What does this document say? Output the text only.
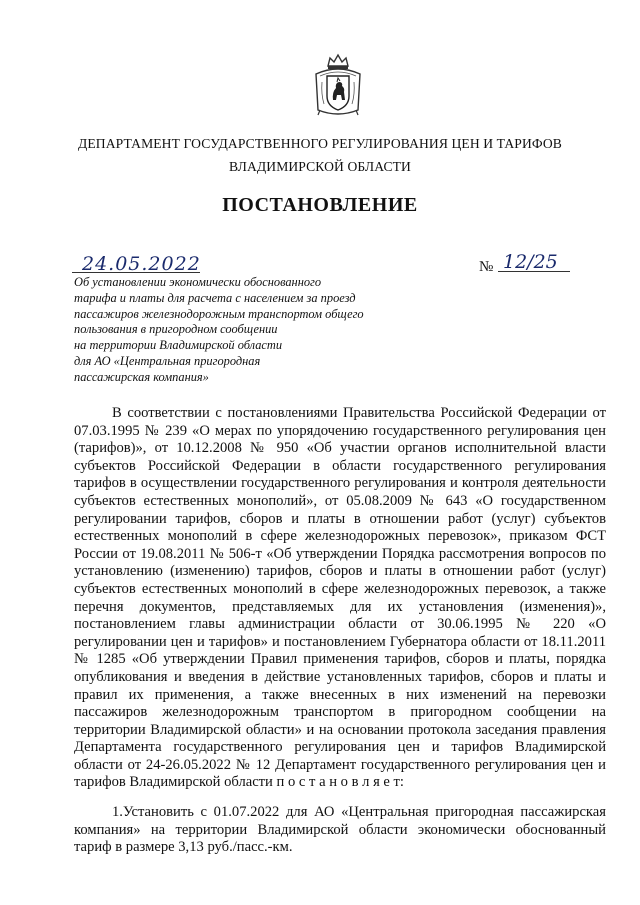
ДЕПАРТАМЕНТ ГОСУДАРСТВЕННОГО РЕГУЛИРОВАНИЯ ЦЕН И ТАРИФОВ
ВЛАДИМИРСКОЙ ОБЛАСТИ
ПОСТАНОВЛЕНИЕ
24.05.2022	№ 12/25
Об установлении экономически обоснованного
тарифа и платы для расчета с населением за проезд
пассажиров железнодорожным транспортом общего
пользования в пригородном сообщении
на территории Владимирской области
для АО «Центральная пригородная
пассажирская компания»

В соответствии с постановлениями Правительства Российской Федерации от 07.03.1995 № 239 «О мерах по упорядочению государственного регулирования цен (тарифов)», от 10.12.2008 № 950 «Об участии органов исполнительной власти субъектов Российской Федерации в области государственного регулирования тарифов в осуществлении государственного регулирования и контроля деятельности субъектов естественных монополий», от 05.08.2009 № 643 «О государственном регулировании тарифов, сборов и платы в отношении работ (услуг) субъектов естественных монополий в сфере железнодорожных перевозок», приказом ФСТ России от 19.08.2011 № 506-т «Об утверждении Порядка рассмотрения вопросов по установлению (изменению) тарифов, сборов и платы в отношении работ (услуг) субъектов естественных монополий в сфере железнодорожных перевозок, а также перечня документов, представляемых для их установления (изменения)», постановлением главы администрации области от 30.06.1995 № 220 «О регулировании цен и тарифов» и постановлением Губернатора области от 18.11.2011 № 1285 «Об утверждении Правил применения тарифов, сборов и платы, порядка опубликования и введения в действие установленных тарифов, сборов и платы и правил их применения, а также внесенных в них изменений на перевозки пассажиров железнодорожным транспортом в пригородном сообщении на территории Владимирской области» и на основании протокола заседания правления Департамента государственного регулирования цен и тарифов Владимирской области от 24-26.05.2022 № 12 Департамент государственного регулирования цен и тарифов Владимирской области п о с т а н о в л я е т:

1.Установить с 01.07.2022 для АО «Центральная пригородная пассажирская компания» на территории Владимирской области экономически обоснованный тариф в размере 3,13 руб./пасс.-км.
